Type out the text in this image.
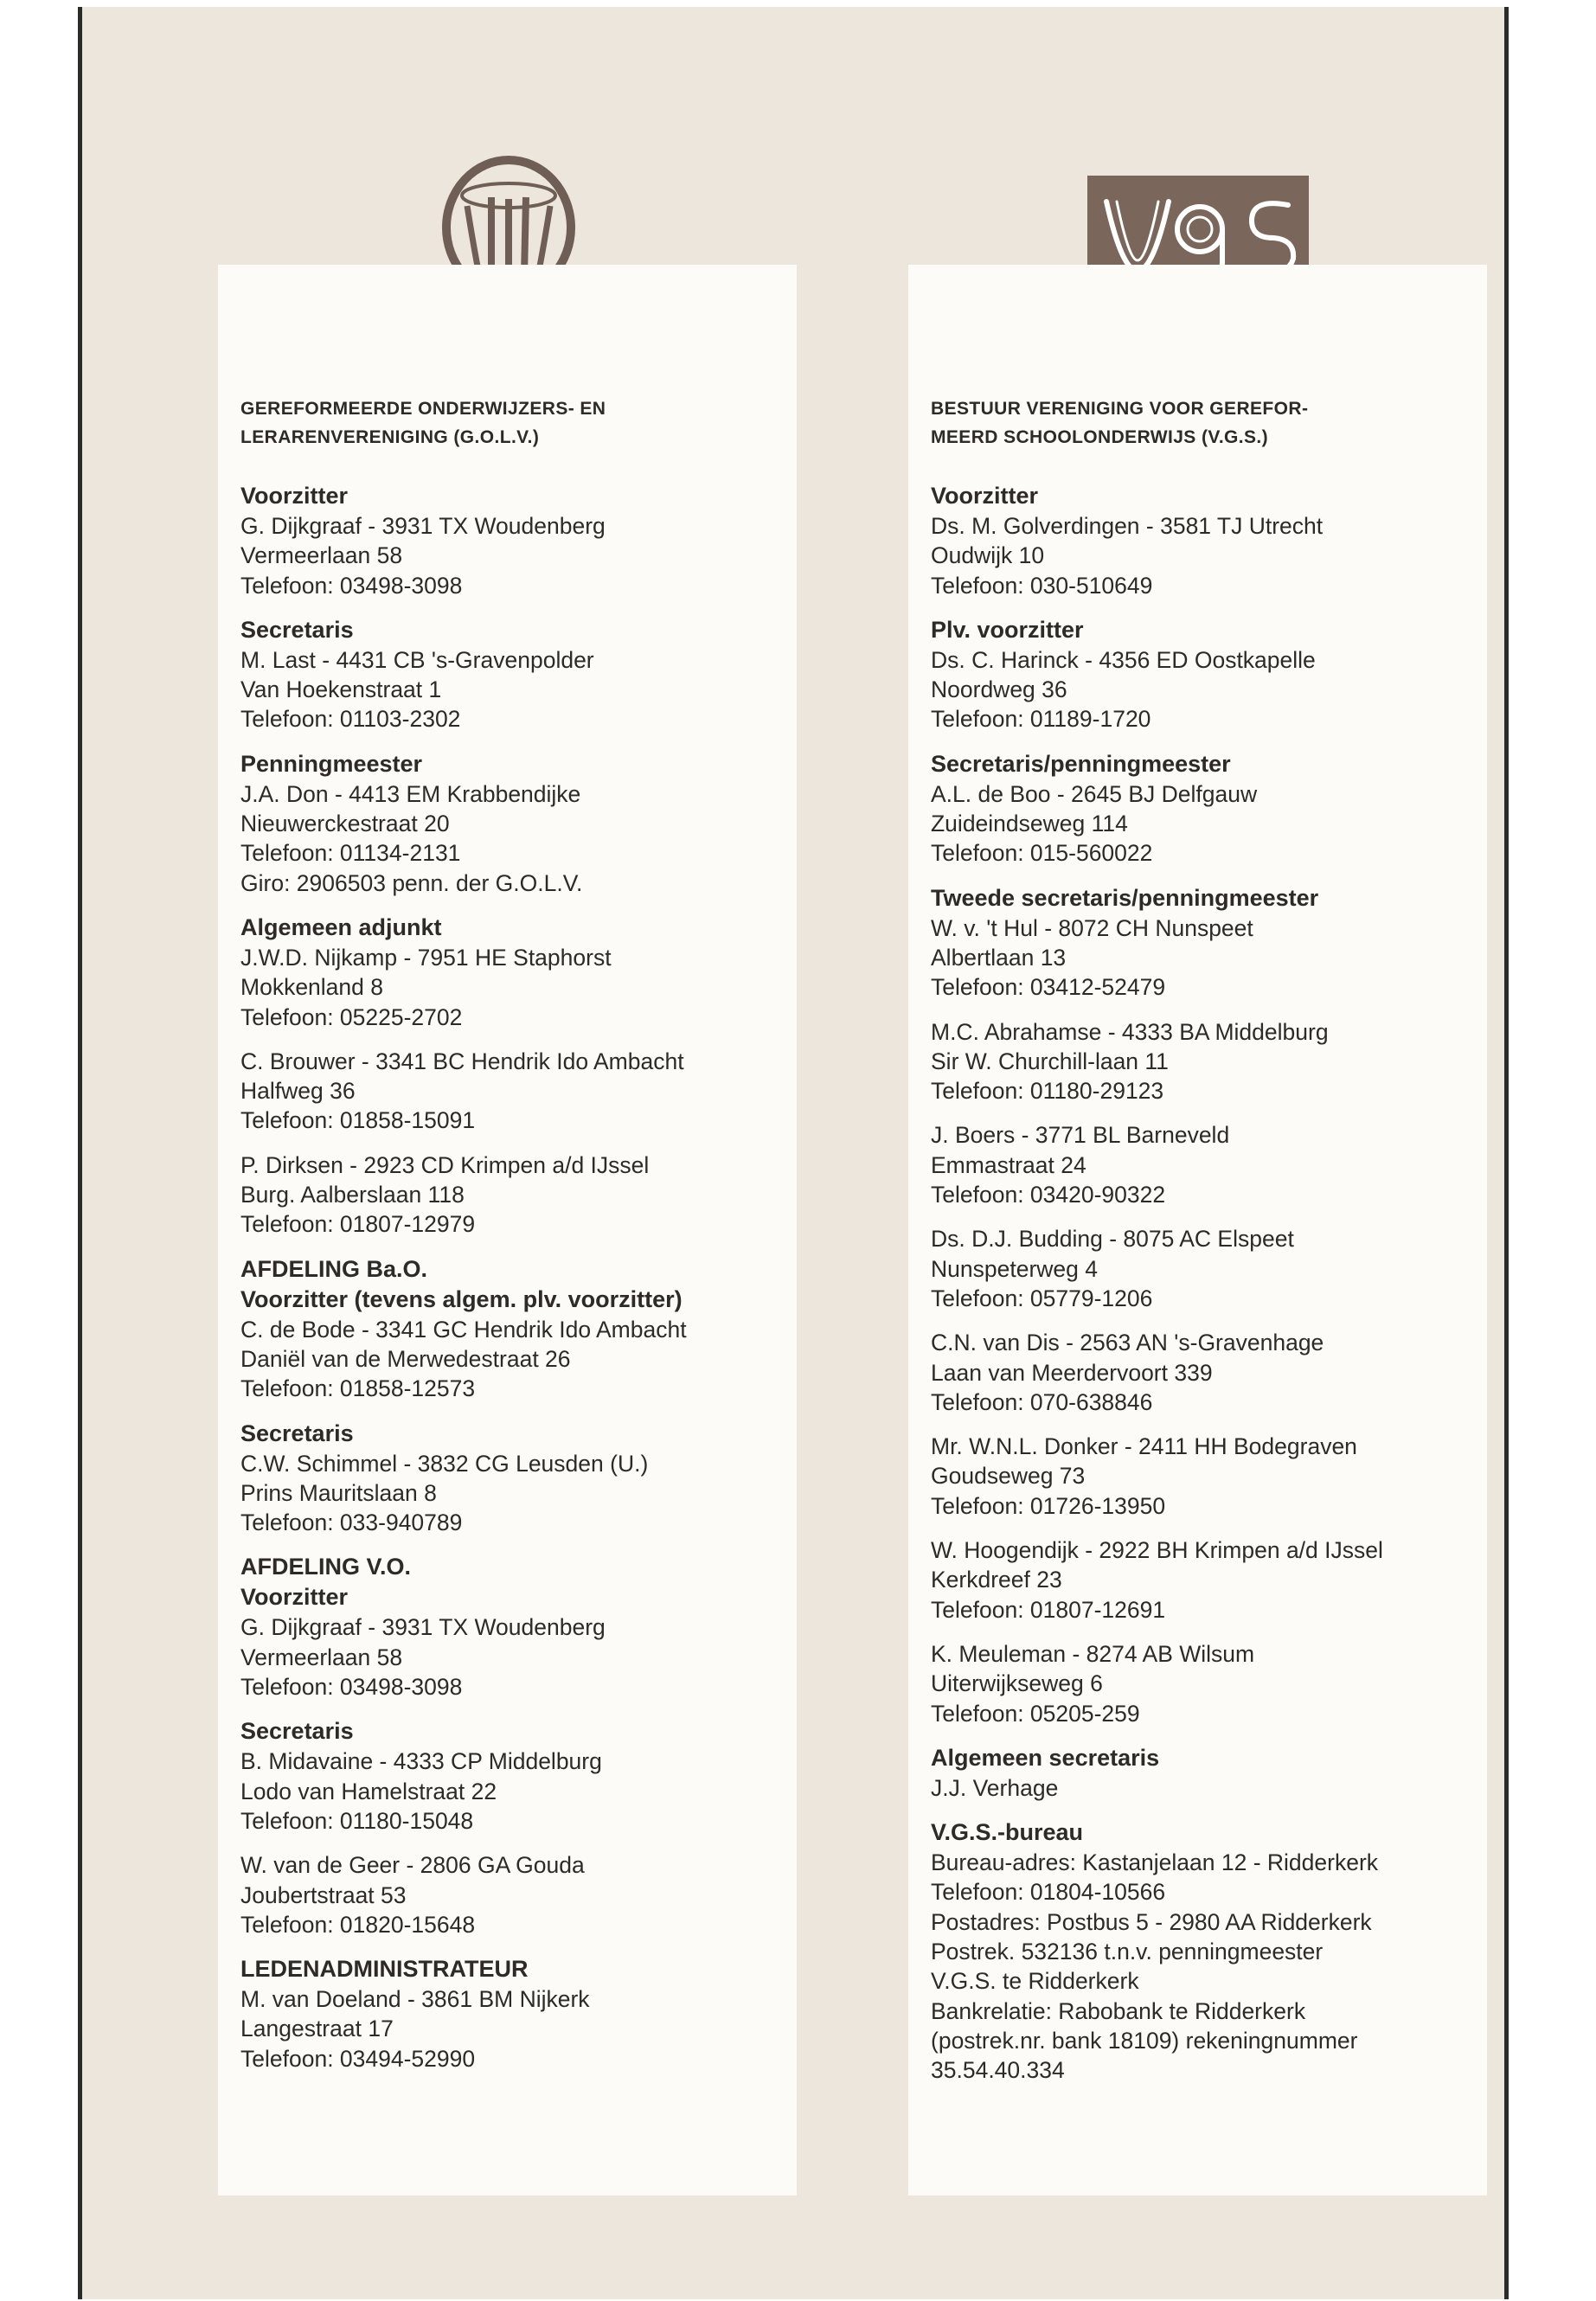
GEREFORMEERDE ONDERWIJZERS- EN
LERARENVERENIGING (G.O.L.V.)
Voorzitter
G. Dijkgraaf - 3931 TX Woudenberg
Vermeerlaan 58
Telefoon: 03498-3098
Secretaris
M. Last - 4431 CB 's-Gravenpolder
Van Hoekenstraat 1
Telefoon: 01103-2302
Penningmeester
J.A. Don - 4413 EM Krabbendijke
Nieuwerckestraat 20
Telefoon: 01134-2131
Giro: 2906503 penn. der G.O.L.V.
Algemeen adjunkt
J.W.D. Nijkamp - 7951 HE Staphorst
Mokkenland 8
Telefoon: 05225-2702
C. Brouwer - 3341 BC Hendrik Ido Ambacht
Halfweg 36
Telefoon: 01858-15091
P. Dirksen - 2923 CD Krimpen a/d IJssel
Burg. Aalberslaan 118
Telefoon: 01807-12979
AFDELING Ba.O.
Voorzitter (tevens algem. plv. voorzitter)
C. de Bode - 3341 GC Hendrik Ido Ambacht
Daniël van de Merwedestraat 26
Telefoon: 01858-12573
Secretaris
C.W. Schimmel - 3832 CG Leusden (U.)
Prins Mauritslaan 8
Telefoon: 033-940789
AFDELING V.O.
Voorzitter
G. Dijkgraaf - 3931 TX Woudenberg
Vermeerlaan 58
Telefoon: 03498-3098
Secretaris
B. Midavaine - 4333 CP Middelburg
Lodo van Hamelstraat 22
Telefoon: 01180-15048
W. van de Geer - 2806 GA Gouda
Joubertstraat 53
Telefoon: 01820-15648
LEDENADMINISTRATEUR
M. van Doeland - 3861 BM Nijkerk
Langestraat 17
Telefoon: 03494-52990
BESTUUR VERENIGING VOOR GEREFOR-
MEERD SCHOOLONDERWIJS (V.G.S.)
Voorzitter
Ds. M. Golverdingen - 3581 TJ Utrecht
Oudwijk 10
Telefoon: 030-510649
Plv. voorzitter
Ds. C. Harinck - 4356 ED Oostkapelle
Noordweg 36
Telefoon: 01189-1720
Secretaris/penningmeester
A.L. de Boo - 2645 BJ Delfgauw
Zuideindseweg 114
Telefoon: 015-560022
Tweede secretaris/penningmeester
W. v. 't Hul - 8072 CH Nunspeet
Albertlaan 13
Telefoon: 03412-52479
M.C. Abrahamse - 4333 BA Middelburg
Sir W. Churchill-laan 11
Telefoon: 01180-29123
J. Boers - 3771 BL Barneveld
Emmastraat 24
Telefoon: 03420-90322
Ds. D.J. Budding - 8075 AC Elspeet
Nunspeterweg 4
Telefoon: 05779-1206
C.N. van Dis - 2563 AN 's-Gravenhage
Laan van Meerdervoort 339
Telefoon: 070-638846
Mr. W.N.L. Donker - 2411 HH Bodegraven
Goudseweg 73
Telefoon: 01726-13950
W. Hoogendijk - 2922 BH Krimpen a/d IJssel
Kerkdreef 23
Telefoon: 01807-12691
K. Meuleman - 8274 AB Wilsum
Uiterwijkseweg 6
Telefoon: 05205-259
Algemeen secretaris
J.J. Verhage
V.G.S.-bureau
Bureau-adres: Kastanjelaan 12 - Ridderkerk
Telefoon: 01804-10566
Postadres: Postbus 5 - 2980 AA Ridderkerk
Postrek. 532136 t.n.v. penningmeester
V.G.S. te Ridderkerk
Bankrelatie: Rabobank te Ridderkerk
(postrek.nr. bank 18109) rekeningnummer
35.54.40.334
